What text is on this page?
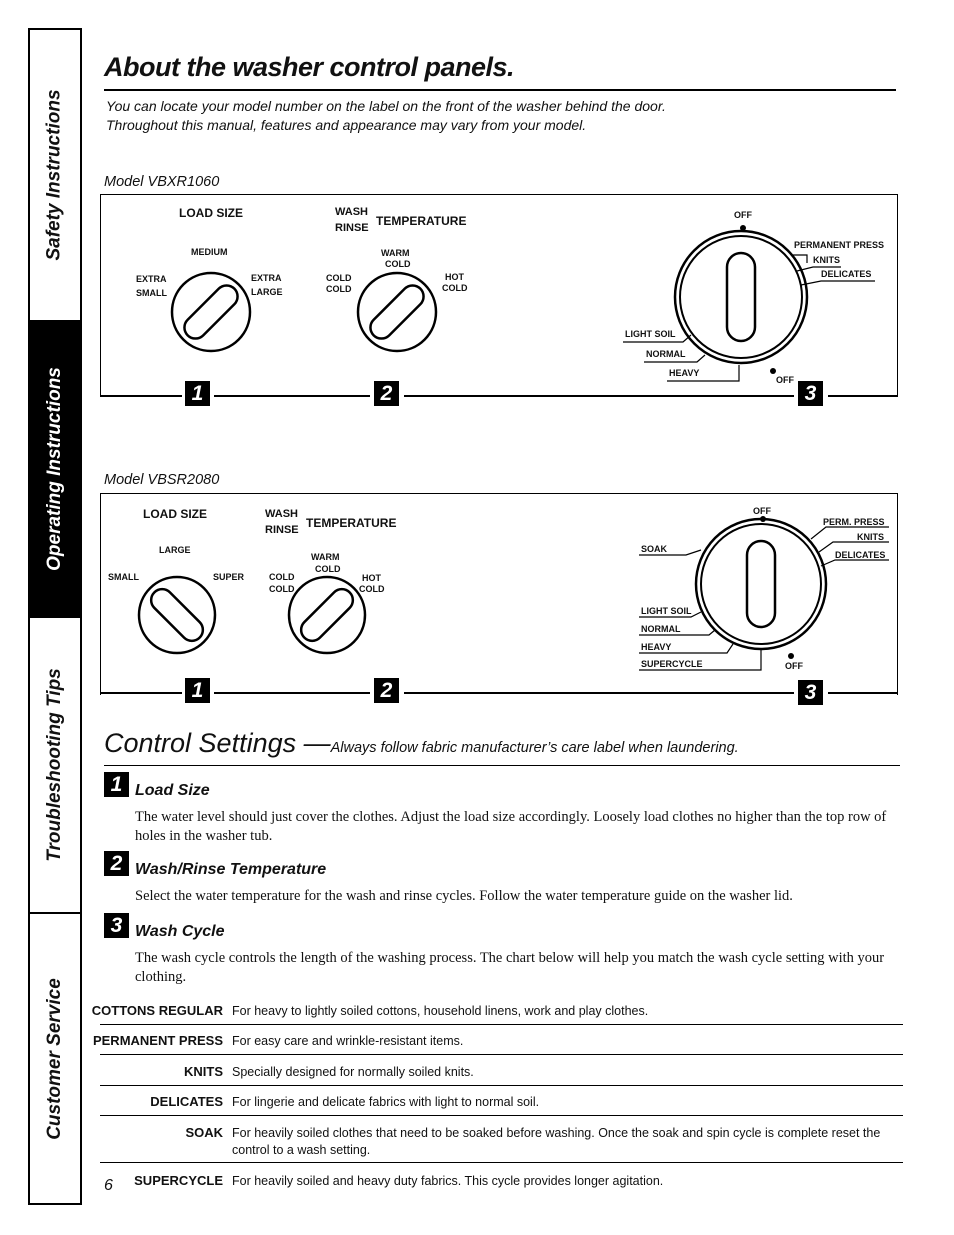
Safety Instructions
Operating Instructions
Troubleshooting Tips
Customer Service
About the washer control panels.
You can locate your model number on the label on the front of the washer behind the door.
Throughout this manual, features and appearance may vary from your model.
Model VBXR1060
LOAD SIZE
MEDIUM
EXTRA
SMALL
EXTRA
LARGE
WASH
RINSE TEMPERATURE
WARM
COLD
COLD
COLD
HOT
COLD
OFF
PERMANENT PRESS
KNITS
DELICATES
LIGHT SOIL
NORMAL
HEAVY
OFF
1	2	3
Model VBSR2080
LOAD SIZE
LARGE
SMALL	SUPER
WASH
RINSE TEMPERATURE
WARM
COLD
COLD
COLD
HOT
COLD
OFF
SOAK
PERM. PRESS
KNITS
DELICATES
LIGHT SOIL
NORMAL
HEAVY
SUPERCYCLE	OFF
1	2	3
Control Settings —Always follow fabric manufacturer’s care label when laundering.
1 Load Size
The water level should just cover the clothes. Adjust the load size accordingly. Loosely load clothes no higher than the top row of holes in the washer tub.
2 Wash/Rinse Temperature
Select the water temperature for the wash and rinse cycles. Follow the water temperature guide on the washer lid.
3 Wash Cycle
The wash cycle controls the length of the washing process. The chart below will help you match the wash cycle setting with your clothing.
COTTONS REGULAR For heavy to lightly soiled cottons, household linens, work and play clothes.
PERMANENT PRESS For easy care and wrinkle-resistant items.
KNITS Specially designed for normally soiled knits.
DELICATES For lingerie and delicate fabrics with light to normal soil.
SOAK For heavily soiled clothes that need to be soaked before washing. Once the soak and spin cycle is complete reset the control to a wash setting.
SUPERCYCLE For heavily soiled and heavy duty fabrics. This cycle provides longer agitation.
6
